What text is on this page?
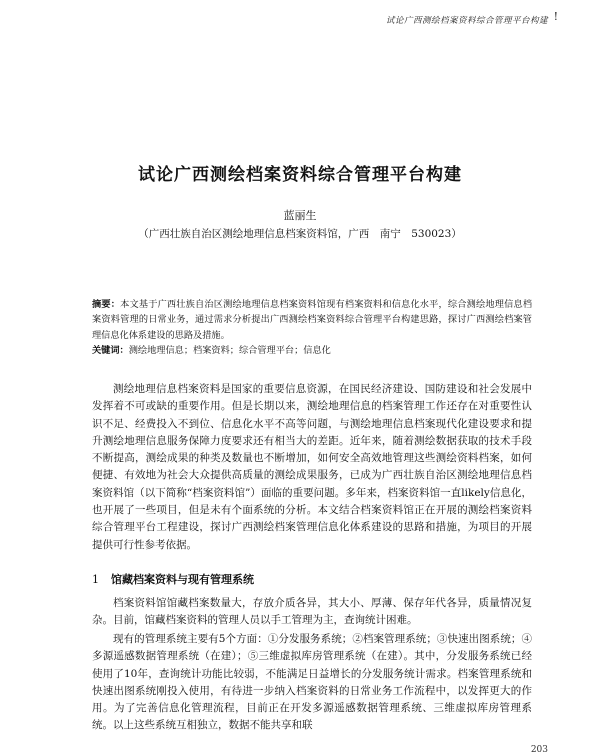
试论广西测绘档案资料综合管理平台构建 !
试论广西测绘档案资料综合管理平台构建
蓝丽生
（广西壮族自治区测绘地理信息档案资料馆，广西　南宁　530023）
摘要：本文基于广西壮族自治区测绘地理信息档案资料馆现有档案资料和信息化水平，综合测绘地理信息档案资料管理的日常业务，通过需求分析提出广西测绘档案资料综合管理平台构建思路，探讨广西测绘档案管理信息化体系建设的思路及措施。
关键词：测绘地理信息；档案资料；综合管理平台；信息化

测绘地理信息档案资料是国家的重要信息资源，在国民经济建设、国防建设和社会发展中发挥着不可或缺的重要作用。但是长期以来，测绘地理信息的档案管理工作还存在对重要性认识不足、经费投入不到位、信息化水平不高等问题，与测绘地理信息档案现代化建设要求和提升测绘地理信息服务保障力度要求还有相当大的差距。近年来，随着测绘数据获取的技术手段不断提高，测绘成果的种类及数量也不断增加，如何安全高效地管理这些测绘资料档案，如何便捷、有效地为社会大众提供高质量的测绘成果服务，已成为广西壮族自治区测绘地理信息档案资料馆（以下简称“档案资料馆”）面临的重要问题。多年来，档案资料馆一直likely信息化，也开展了一些项目，但是未有个面系统的分析。本文结合档案资料馆正在开展的测绘档案资料综合管理平台工程建设，探讨广西测绘档案管理信息化体系建设的思路和措施，为项目的开展提供可行性参考依据。

1 馆藏档案资料与现有管理系统

档案资料馆馆藏档案数量大，存放介质各异，其大小、厚薄、保存年代各异，质量情况复杂。目前，馆藏档案资料的管理人员以手工管理为主，查询统计困难。

现有的管理系统主要有5个方面：①分发服务系统；②档案管理系统；③快速出图系统；④多源遥感数据管理系统（在建）；⑤三维虚拟库房管理系统（在建）。其中，分发服务系统已经使用了10年，查询统计功能比较弱，不能满足日益增长的分发服务统计需求。档案管理系统和快速出图系统刚投入使用，有待进一步纳入档案资料的日常业务工作流程中，以发挥更大的作用。为了完善信息化管理流程，目前正在开发多源遥感数据管理系统、三维虚拟库房管理系统。以上这些系统互相独立，数据不能共享和联

203
